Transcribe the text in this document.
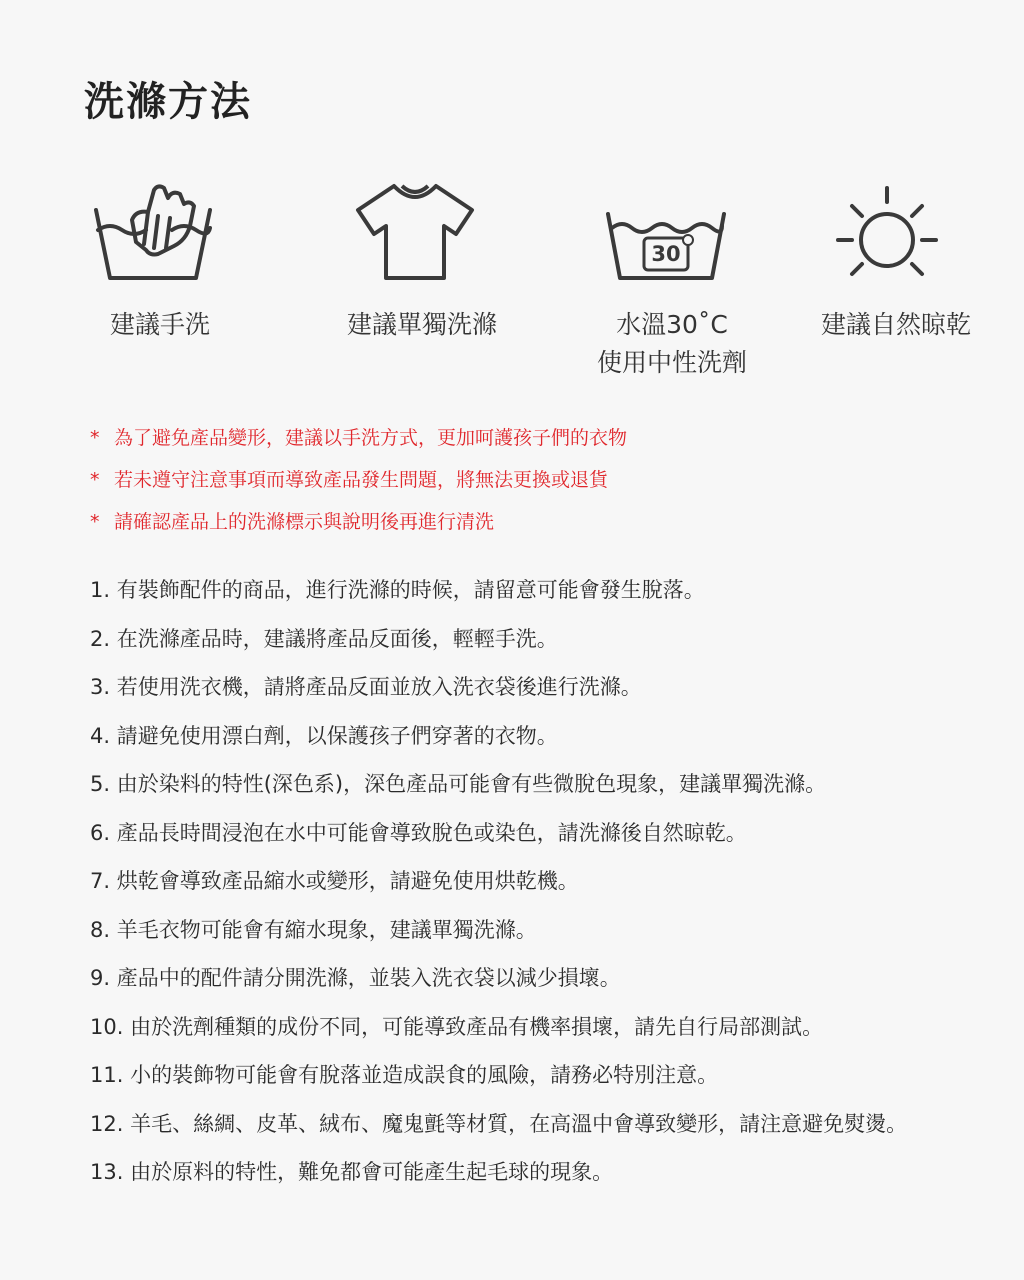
洗滌方法
建議手洗	建議單獨洗滌
30
水溫30˚C
使用中性洗劑
建議自然晾乾
* 為了避免產品變形，建議以手洗方式，更加呵護孩子們的衣物
* 若未遵守注意事項而導致產品發生問題，將無法更換或退貨
* 請確認產品上的洗滌標示與說明後再進行清洗
1. 有裝飾配件的商品，進行洗滌的時候，請留意可能會發生脫落。
2. 在洗滌產品時，建議將產品反面後，輕輕手洗。
3. 若使用洗衣機，請將產品反面並放入洗衣袋後進行洗滌。
4. 請避免使用漂白劑，以保護孩子們穿著的衣物。
5. 由於染料的特性(深色系)，深色產品可能會有些微脫色現象，建議單獨洗滌。
6. 產品長時間浸泡在水中可能會導致脫色或染色，請洗滌後自然晾乾。
7. 烘乾會導致產品縮水或變形，請避免使用烘乾機。
8. 羊毛衣物可能會有縮水現象，建議單獨洗滌。
9. 產品中的配件請分開洗滌，並裝入洗衣袋以減少損壞。
10. 由於洗劑種類的成份不同，可能導致產品有機率損壞，請先自行局部測試。
11. 小的裝飾物可能會有脫落並造成誤食的風險，請務必特別注意。
12. 羊毛、絲綢、皮革、絨布、魔鬼氈等材質，在高溫中會導致變形，請注意避免熨燙。
13. 由於原料的特性，難免都會可能產生起毛球的現象。
